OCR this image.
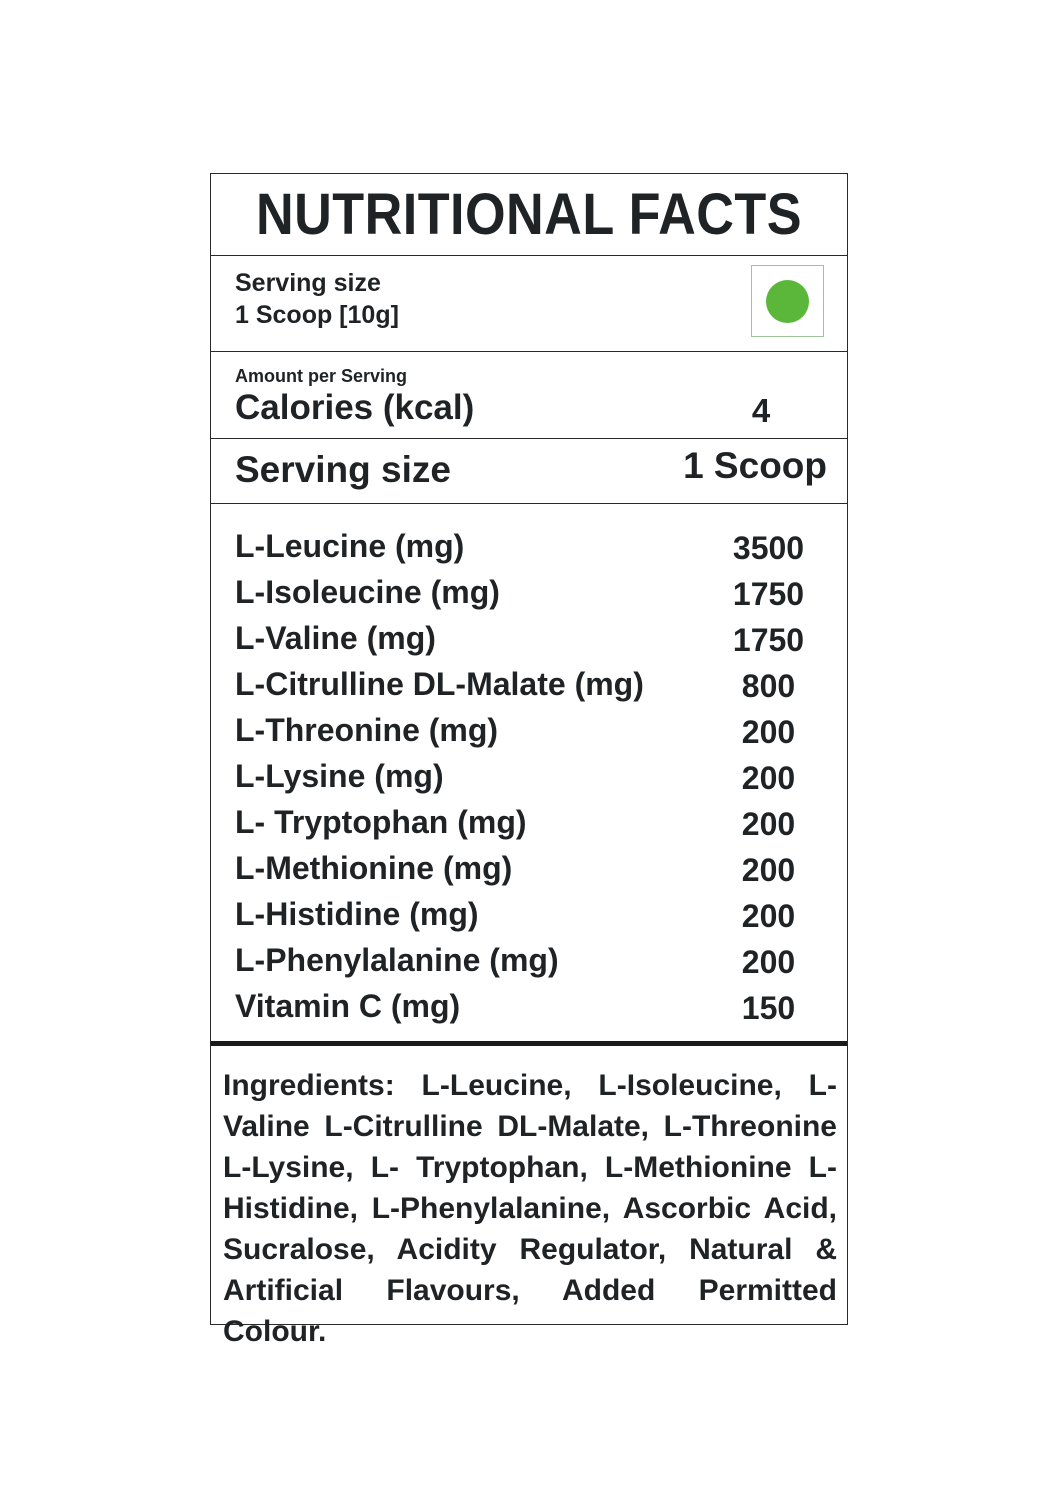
NUTRITIONAL FACTS
Serving size
1 Scoop [10g]
Amount per Serving
Calories (kcal)	4
Serving size	1 Scoop
L-Leucine (mg)	3500
L-Isoleucine (mg)	1750
L-Valine (mg)	1750
L-Citrulline DL-Malate (mg)	800
L-Threonine (mg)	200
L-Lysine (mg)	200
L- Tryptophan (mg)	200
L-Methionine (mg)	200
L-Histidine (mg)	200
L-Phenylalanine (mg)	200
Vitamin C (mg)	150
Ingredients: L-Leucine, L-Isoleucine, L-Valine L-Citrulline DL-Malate, L-Threonine L-Lysine, L- Tryptophan, L-Methionine L-Histidine, L-Phenylalanine, Ascorbic Acid, Sucralose, Acidity Regulator, Natural & Artificial Flavours, Added Permitted Colour.
